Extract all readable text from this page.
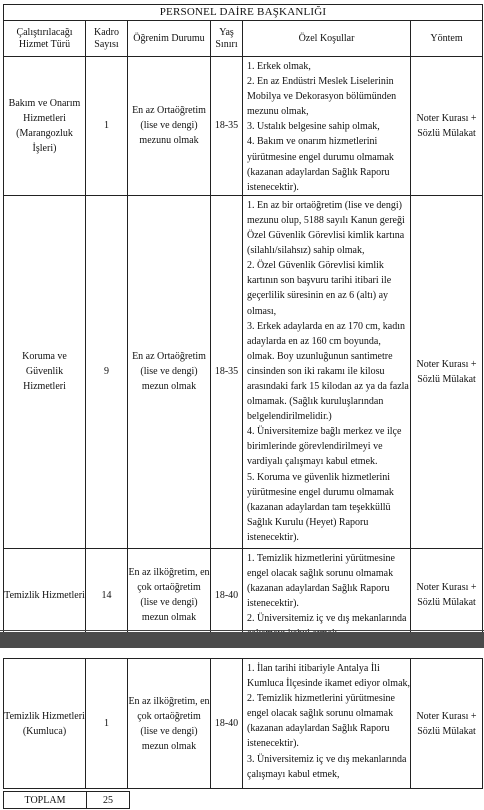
PERSONEL DAİRE BAŞKANLIĞI					
Çalıştırılacağı Hizmet Türü	Kadro Sayısı	Öğrenim Durumu	Yaş Sınırı	Özel Koşullar	Yöntem
Bakım ve Onarım Hizmetleri (Marangozluk İşleri)	1	En az Ortaöğretim (lise ve dengi) mezunu olmak	18-35	1. Erkek olmak,
2. En az Endüstri Meslek Liselerinin Mobilya ve Dekorasyon bölümünden mezunu olmak,
3. Ustalık belgesine sahip olmak,
4. Bakım ve onarım hizmetlerini yürütmesine engel durumu olmamak (kazanan adaylardan Sağlık Raporu istenecektir).	Noter Kurası + Sözlü Mülakat
Koruma ve Güvenlik Hizmetleri	9	En az Ortaöğretim (lise ve dengi) mezun olmak	18-35	1. En az bir ortaöğretim (lise ve dengi) mezunu olup, 5188 sayılı Kanun gereği Özel Güvenlik Görevlisi kimlik kartına (silahlı/silahsız) sahip olmak,
2. Özel Güvenlik Görevlisi kimlik kartının son başvuru tarihi itibari ile geçerlilik süresinin en az 6 (altı) ay olması,
3. Erkek adaylarda en az 170 cm, kadın adaylarda en az 160 cm boyunda, olmak. Boy uzunluğunun santimetre cinsinden son iki rakamı ile kilosu arasındaki fark 15 kilodan az ya da fazla olmamak. (Sağlık kuruluşlarından belgelendirilmelidir.)
4. Üniversitemize bağlı merkez ve ilçe birimlerinde görevlendirilmeyi ve vardiyalı çalışmayı kabul etmek.
5. Koruma ve güvenlik hizmetlerini yürütmesine engel durumu olmamak (kazanan adaylardan tam teşekküllü Sağlık Kurulu (Heyet) Raporu istenecektir).	Noter Kurası + Sözlü Mülakat
Temizlik Hizmetleri	14	En az ilköğretim, en çok ortaöğretim (lise ve dengi) mezun olmak	18-40	1. Temizlik hizmetlerini yürütmesine engel olacak sağlık sorunu olmamak (kazanan adaylardan Sağlık Raporu istenecektir).
2. Üniversitemiz iç ve dış mekanlarında	Noter Kurası + Sözlü Mülakat
Temizlik Hizmetleri (Kumluca)	1	En az ilköğretim, en çok ortaöğretim (lise ve dengi) mezun olmak	18-40	
1. İlan tarihi itibariyle Antalya İli Kumluca İlçesinde ikamet ediyor olmak,
2. Temizlik hizmetlerini yürütmesine engel olacak sağlık sorunu olmamak (kazanan adaylardan Sağlık Raporu istenecektir).
3. Üniversitemiz iç ve dış mekanlarında çalışmayı kabul etmek,
	Noter Kurası + Sözlü Mülakat
TOPLAM	25
